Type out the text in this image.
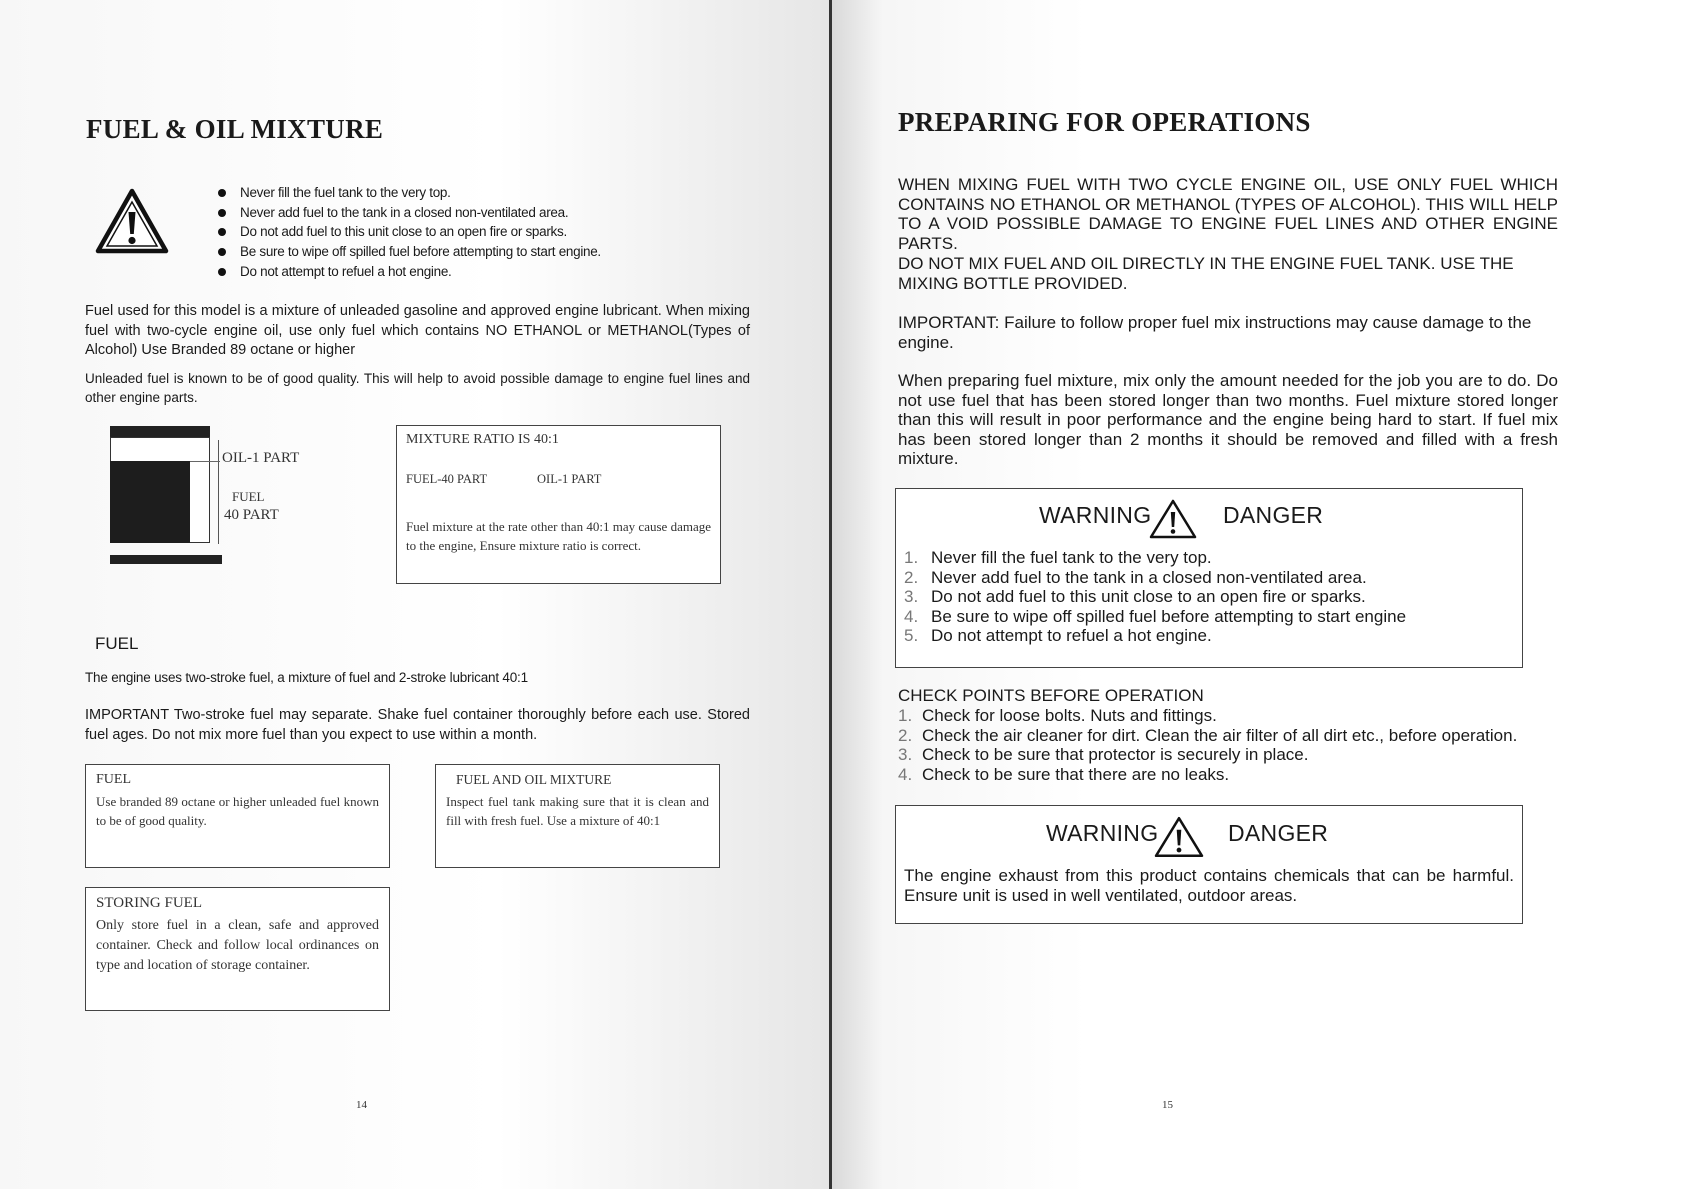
FUEL & OIL MIXTURE
Never fill the fuel tank to the very top.
Never add fuel to the tank in a closed non-ventilated area.
Do not add fuel to this unit close to an open fire or sparks.
Be sure to wipe off spilled fuel before attempting to start engine.
Do not attempt to refuel a hot engine.
Fuel used for this model is a mixture of unleaded gasoline and approved engine lubricant. When mixing fuel with two-cycle engine oil, use only fuel which contains NO ETHANOL or METHANOL(Types of Alcohol) Use Branded 89 octane or higher
Unleaded fuel is known to be of good quality. This will help to avoid possible damage to engine fuel lines and other engine parts.
OIL-1 PART
FUEL
40 PART
MIXTURE RATIO IS 40:1
FUEL-40 PART	OIL-1 PART
Fuel mixture at the rate other than 40:1 may cause damage to the engine, Ensure mixture ratio is correct.
FUEL
The engine uses two-stroke fuel, a mixture of fuel and 2-stroke lubricant 40:1
IMPORTANT Two-stroke fuel may separate. Shake fuel container thoroughly before each use. Stored fuel ages. Do not mix more fuel than you expect to use within a month.
FUEL
Use branded 89 octane or higher unleaded fuel known to be of good quality.
FUEL AND OIL MIXTURE
Inspect fuel tank making sure that it is clean and fill with fresh fuel. Use a mixture of 40:1
STORING FUEL
Only store fuel in a clean, safe and approved container. Check and follow local ordinances on type and location of storage container.
14
PREPARING FOR OPERATIONS
WHEN MIXING FUEL WITH TWO CYCLE ENGINE OIL, USE ONLY FUEL WHICH CONTAINS NO ETHANOL OR METHANOL (TYPES OF ALCOHOL). THIS WILL HELP TO A VOID POSSIBLE DAMAGE TO ENGINE FUEL LINES AND OTHER ENGINE PARTS.
DO NOT MIX FUEL AND OIL DIRECTLY IN THE ENGINE FUEL TANK. USE THE MIXING BOTTLE PROVIDED.
IMPORTANT: Failure to follow proper fuel mix instructions may cause damage to the engine.
When preparing fuel mixture, mix only the amount needed for the job you are to do. Do not use fuel that has been stored longer than two months. Fuel mixture stored longer than this will result in poor performance and the engine being hard to start. If fuel mix has been stored longer than 2 months it should be removed and filled with a fresh mixture.
WARNING	DANGER
1. Never fill the fuel tank to the very top.
2. Never add fuel to the tank in a closed non-ventilated area.
3. Do not add fuel to this unit close to an open fire or sparks.
4. Be sure to wipe off spilled fuel before attempting to start engine
5. Do not attempt to refuel a hot engine.
CHECK POINTS BEFORE OPERATION
1. Check for loose bolts. Nuts and fittings.
2. Check the air cleaner for dirt. Clean the air filter of all dirt etc., before operation.
3. Check to be sure that protector is securely in place.
4. Check to be sure that there are no leaks.
WARNING	DANGER
The engine exhaust from this product contains chemicals that can be harmful. Ensure unit is used in well ventilated, outdoor areas.
15
